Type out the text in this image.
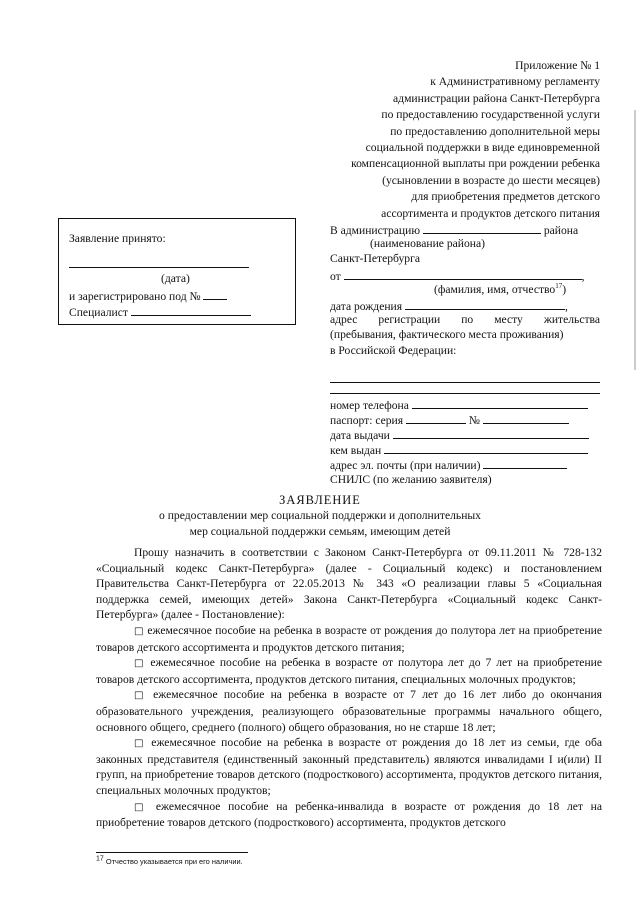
Приложение № 1
к Административному регламенту
администрации района Санкт-Петербурга
по предоставлению государственной услуги
по предоставлению дополнительной меры
социальной поддержки в виде единовременной
компенсационной выплаты при рождении ребенка
(усыновлении в возрасте до шести месяцев)
для приобретения предметов детского
ассортимента и продуктов детского питания
Заявление принято:
(дата)
и зарегистрировано под №
Специалист
В администрацию	района
(наименование района)
Санкт-Петербурга
от	,
(фамилия, имя, отчество$^{17}$)
дата рождения	,
адрес регистрации по месту жительства
(пребывания, фактического места проживания)
в Российской Федерации:
номер телефона
паспорт: серия	№
дата выдачи
кем выдан
адрес эл. почты (при наличии)
СНИЛС (по желанию заявителя)
ЗАЯВЛЕНИЕ
о предоставлении мер социальной поддержки и дополнительных
мер социальной поддержки семьям, имеющим детей

Прошу назначить в соответствии с Законом Санкт-Петербурга от 09.11.2011 № 728-132 «Социальный кодекс Санкт-Петербурга» (далее - Социальный кодекс) и постановлением Правительства Санкт-Петербурга от 22.05.2013 № 343 «О реализации главы 5 «Социальная поддержка семей, имеющих детей» Закона Санкт-Петербурга «Социальный кодекс Санкт-Петербурга» (далее - Постановление):

□ ежемесячное пособие на ребенка в возрасте от рождения до полутора лет на приобретение товаров детского ассортимента и продуктов детского питания;

□ ежемесячное пособие на ребенка в возрасте от полутора лет до 7 лет на приобретение товаров детского ассортимента, продуктов детского питания, специальных молочных продуктов;

□ ежемесячное пособие на ребенка в возрасте от 7 лет до 16 лет либо до окончания образовательного учреждения, реализующего образовательные программы начального общего, основного общего, среднего (полного) общего образования, но не старше 18 лет;

□ ежемесячное пособие на ребенка в возрасте от рождения до 18 лет из семьи, где оба законных представителя (единственный законный представитель) являются инвалидами I и(или) II групп, на приобретение товаров детского (подросткового) ассортимента, продуктов детского питания, специальных молочных продуктов;

□ ежемесячное пособие на ребенка-инвалида в возрасте от рождения до 18 лет на приобретение товаров детского (подросткового) ассортимента, продуктов детского

17 Отчество указывается при его наличии.
